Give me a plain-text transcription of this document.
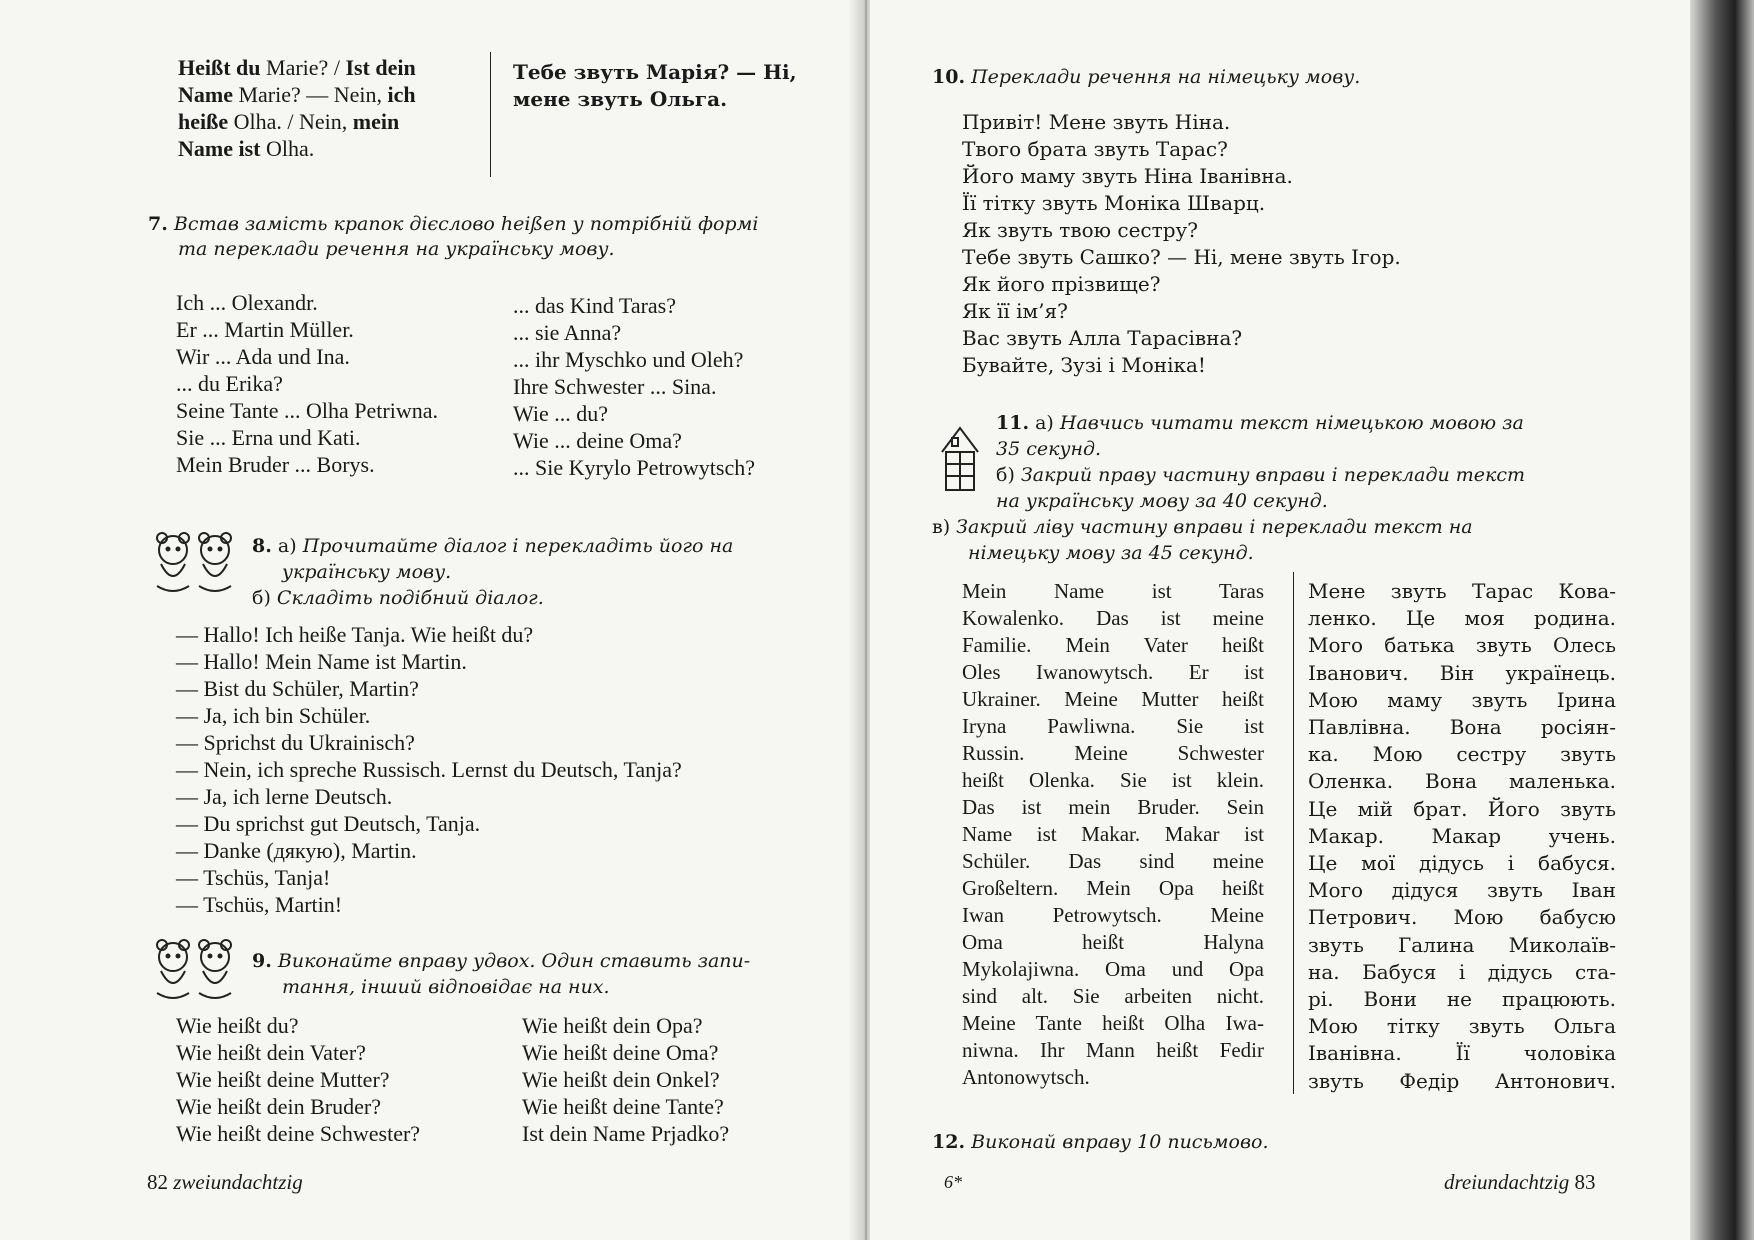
Heißt du Marie? / Ist dein
Name Marie? — Nein, ich
heiße Olha. / Nein, mein
Name ist Olha.
Тебе звуть Марія? — Ні,
мене звуть Ольга.
7. Встав замість крапок дієслово heißen у потрібній формі
та переклади речення на українську мову.
Ich ... Olexandr.
Er ... Martin Müller.
Wir ... Ada und Ina.
... du Erika?
Seine Tante ... Olha Petriwna.
Sie ... Erna und Kati.
Mein Bruder ... Borys.
... das Kind Taras?
... sie Anna?
... ihr Myschko und Oleh?
Ihre Schwester ... Sina.
Wie ... du?
Wie ... deine Oma?
... Sie Kyrylo Petrowytsch?
8. а) Прочитайте діалог і перекладіть його на
українську мову.
б) Складіть подібний діалог.
— Hallo! Ich heiße Tanja. Wie heißt du?
— Hallo! Mein Name ist Martin.
— Bist du Schüler, Martin?
— Ja, ich bin Schüler.
— Sprichst du Ukrainisch?
— Nein, ich spreche Russisch. Lernst du Deutsch, Tanja?
— Ja, ich lerne Deutsch.
— Du sprichst gut Deutsch, Tanja.
— Danke (дякую), Martin.
— Tschüs, Tanja!
— Tschüs, Martin!
9. Виконайте вправу удвох. Один ставить запи-
тання, інший відповідає на них.
Wie heißt du?
Wie heißt dein Vater?
Wie heißt deine Mutter?
Wie heißt dein Bruder?
Wie heißt deine Schwester?
Wie heißt dein Opa?
Wie heißt deine Oma?
Wie heißt dein Onkel?
Wie heißt deine Tante?
Ist dein Name Prjadko?
82 zweiundachtzig
10. Переклади речення на німецьку мову.
Привіт! Мене звуть Ніна.
Твого брата звуть Тарас?
Його маму звуть Ніна Іванівна.
Її тітку звуть Моніка Шварц.
Як звуть твою сестру?
Тебе звуть Сашко? — Ні, мене звуть Ігор.
Як його прізвище?
Як її ім’я?
Вас звуть Алла Тарасівна?
Бувайте, Зузі і Моніка!
11. а) Навчись читати текст німецькою мовою за
35 секунд.
б) Закрий праву частину вправи і переклади текст
на українську мову за 40 секунд.
в) Закрий ліву частину вправи і переклади текст на
німецьку мову за 45 секунд.
Mein Name ist Taras
Kowalenko. Das ist meine
Familie. Mein Vater heißt
Oles Iwanowytsch. Er ist
Ukrainer. Meine Mutter heißt
Iryna Pawliwna. Sie ist
Russin. Meine Schwester
heißt Olenka. Sie ist klein.
Das ist mein Bruder. Sein
Name ist Makar. Makar ist
Schüler. Das sind meine
Großeltern. Mein Opa heißt
Iwan Petrowytsch. Meine
Oma heißt Halyna
Mykolajiwna. Oma und Opa
sind alt. Sie arbeiten nicht.
Meine Tante heißt Olha Iwa-
niwna. Ihr Mann heißt Fedir
Antonowytsch.
Мене звуть Тарас Кова-
ленко. Це моя родина.
Мого батька звуть Олесь
Іванович. Він українець.
Мою маму звуть Ірина
Павлівна. Вона росіян-
ка. Мою сестру звуть
Оленка. Вона маленька.
Це мій брат. Його звуть
Макар. Макар учень.
Це мої дідусь і бабуся.
Мого дідуся звуть Іван
Петрович. Мою бабусю
звуть Галина Миколаїв-
на. Бабуся і дідусь ста-
рі. Вони не працюють.
Мою тітку звуть Ольга
Іванівна. Її чоловіка
звуть Федір Антонович.
12. Виконай вправу 10 письмово.
6*	dreiundachtzig 83
